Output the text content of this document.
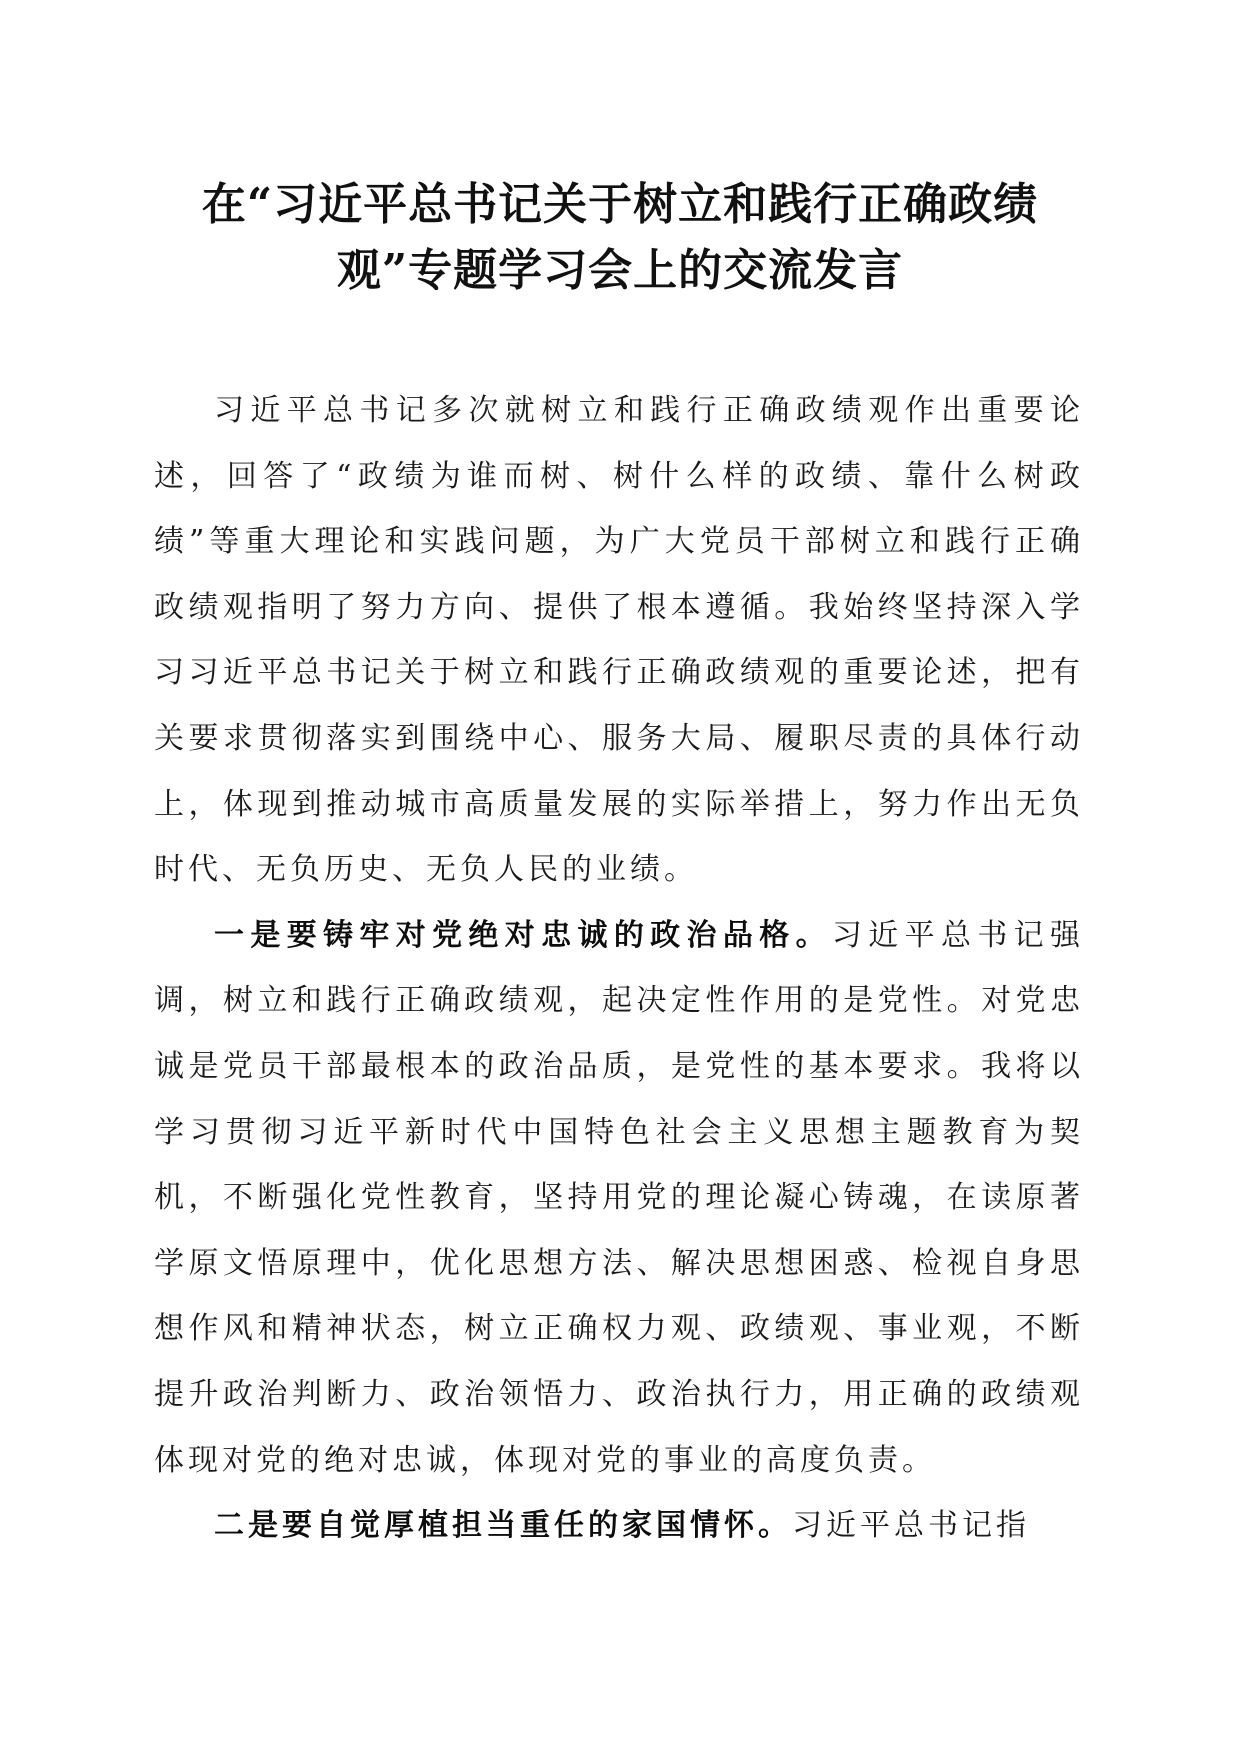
在“习近平总书记关于树立和践行正确政绩
观”专题学习会上的交流发言

习近平总书记多次就树立和践行正确政绩观作出重要论述，回答了“政绩为谁而树、树什么样的政绩、靠什么树政绩”等重大理论和实践问题，为广大党员干部树立和践行正确政绩观指明了努力方向、提供了根本遵循。我始终坚持深入学习习近平总书记关于树立和践行正确政绩观的重要论述，把有关要求贯彻落实到围绕中心、服务大局、履职尽责的具体行动上，体现到推动城市高质量发展的实际举措上，努力作出无负时代、无负历史、无负人民的业绩。

一是要铸牢对党绝对忠诚的政治品格。习近平总书记强调，树立和践行正确政绩观，起决定性作用的是党性。对党忠诚是党员干部最根本的政治品质，是党性的基本要求。我将以学习贯彻习近平新时代中国特色社会主义思想主题教育为契机，不断强化党性教育，坚持用党的理论凝心铸魂，在读原著学原文悟原理中，优化思想方法、解决思想困惑、检视自身思想作风和精神状态，树立正确权力观、政绩观、事业观，不断提升政治判断力、政治领悟力、政治执行力，用正确的政绩观体现对党的绝对忠诚，体现对党的事业的高度负责。

二是要自觉厚植担当重任的家国情怀。习近平总书记指
